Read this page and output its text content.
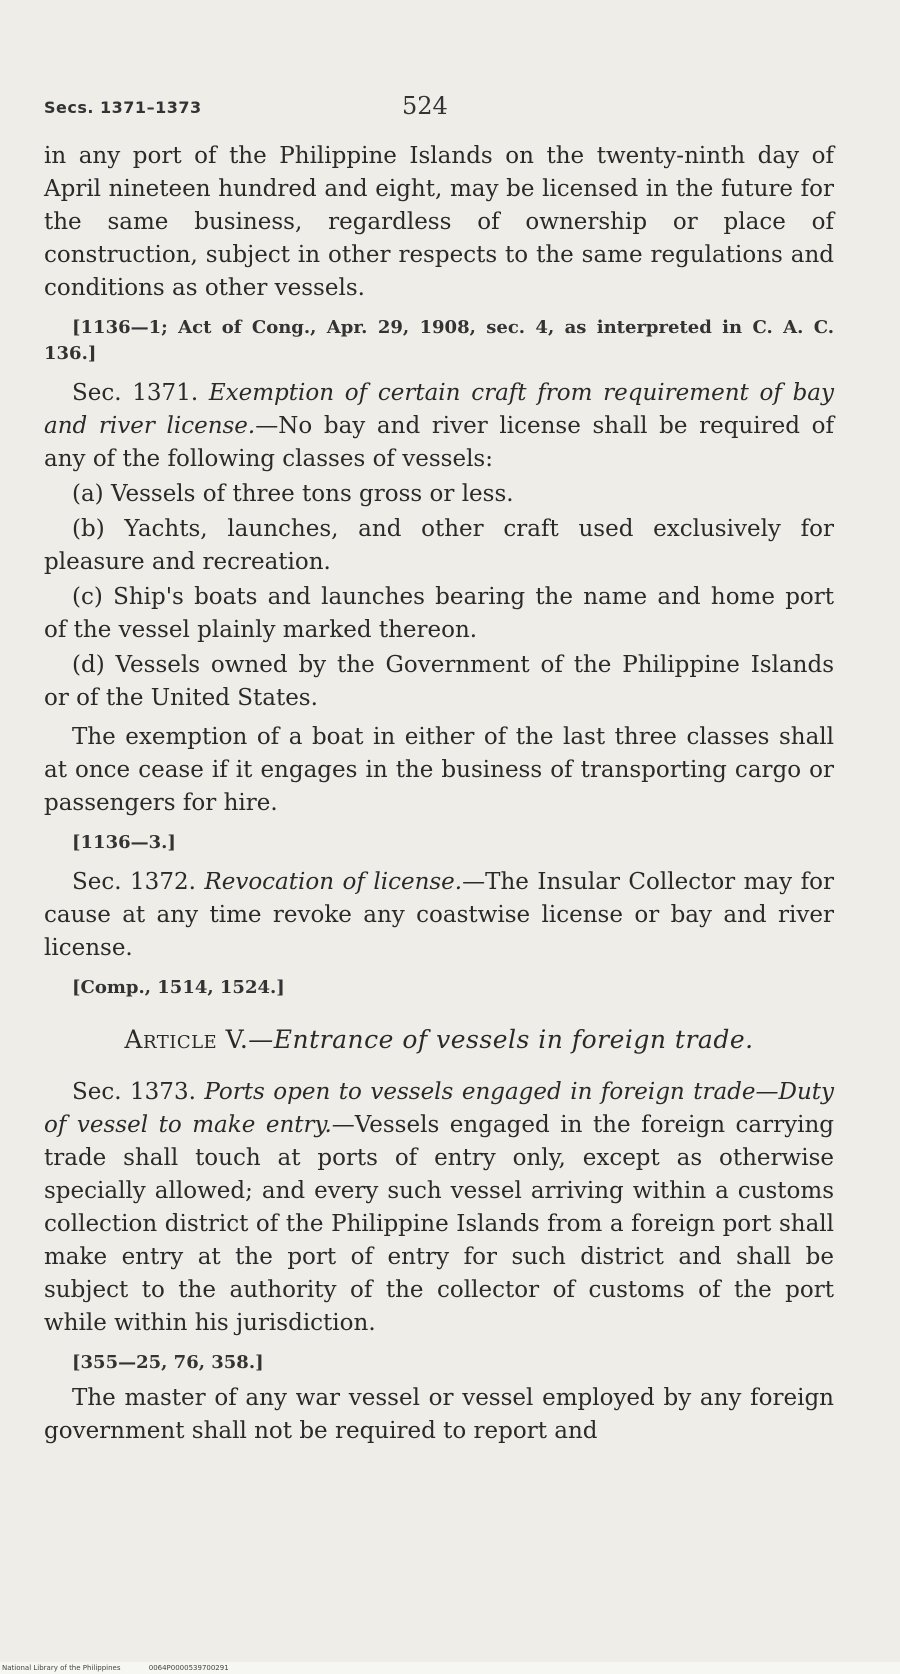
Secs. 1371–1373	524

in any port of the Philippine Islands on the twenty-ninth day of April nineteen hundred and eight, may be licensed in the future for the same business, regardless of ownership or place of construction, subject in other respects to the same regulations and conditions as other vessels.

[1136—1; Act of Cong., Apr. 29, 1908, sec. 4, as interpreted in C. A. C. 136.]

Sec. 1371. Exemption of certain craft from requirement of bay and river license.—No bay and river license shall be required of any of the following classes of vessels:

(a) Vessels of three tons gross or less.

(b) Yachts, launches, and other craft used exclusively for pleasure and recreation.

(c) Ship's boats and launches bearing the name and home port of the vessel plainly marked thereon.

(d) Vessels owned by the Government of the Philippine Islands or of the United States.

The exemption of a boat in either of the last three classes shall at once cease if it engages in the business of transporting cargo or passengers for hire.

[1136—3.]

Sec. 1372. Revocation of license.—The Insular Collector may for cause at any time revoke any coastwise license or bay and river license.

[Comp., 1514, 1524.]

Article V.—Entrance of vessels in foreign trade.

Sec. 1373. Ports open to vessels engaged in foreign trade—Duty of vessel to make entry.—Vessels engaged in the foreign carrying trade shall touch at ports of entry only, except as otherwise specially allowed; and every such vessel arriving within a customs collection district of the Philippine Islands from a foreign port shall make entry at the port of entry for such district and shall be subject to the authority of the collector of customs of the port while within his jurisdiction.

[355—25, 76, 358.]

The master of any war vessel or vessel employed by any foreign government shall not be required to report and

National Library of the Philippines	0064P0000539700291
